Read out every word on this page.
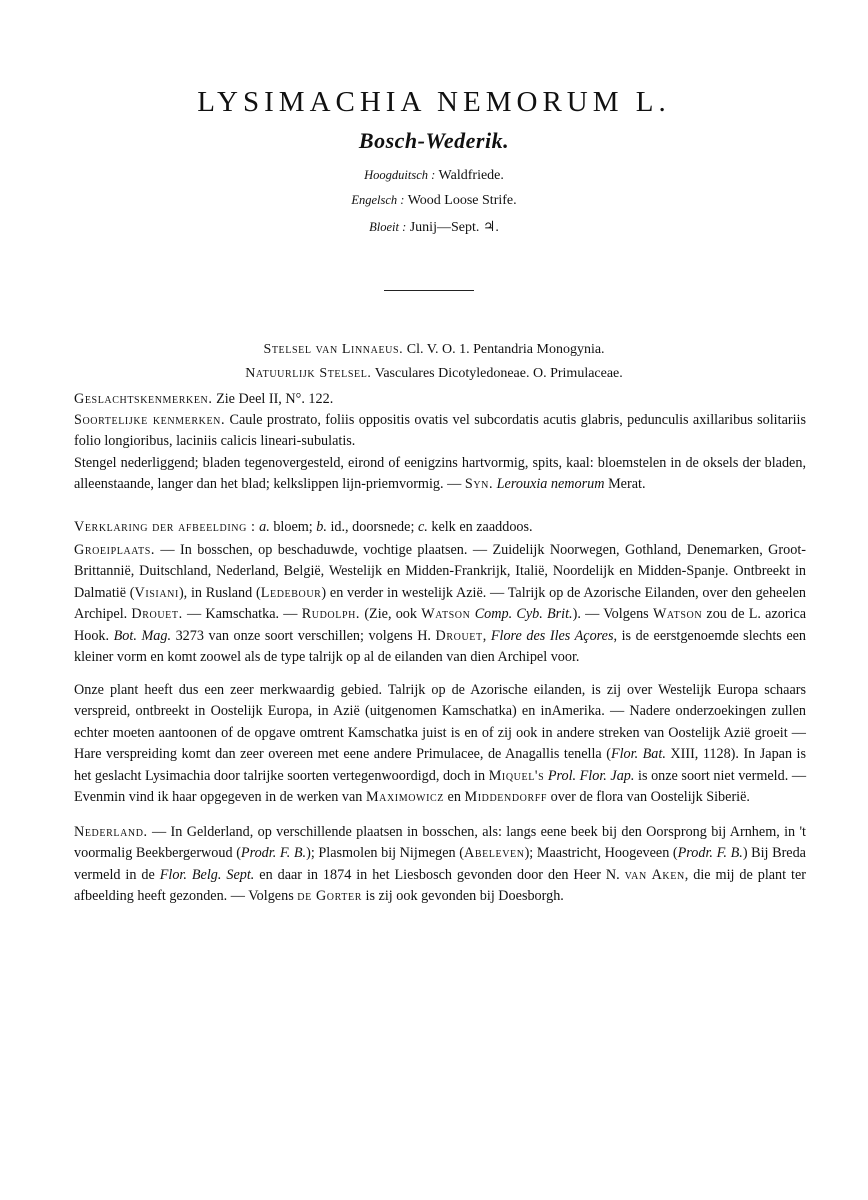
LYSIMACHIA NEMORUM L.
Bosch-Wederik.
Hoogduitsch : Waldfriede.
Engelsch : Wood Loose Strife.
Bloeit : Junij—Sept. ♃.
Stelsel van Linnaeus. Cl. V. O. 1. Pentandria Monogynia.
Natuurlijk Stelsel. Vasculares Dicotyledoneae. O. Primulaceae.

Geslachtskenmerken. Zie Deel II, N°. 122.

Soortelijke kenmerken. Caule prostrato, foliis oppositis ovatis vel subcordatis acutis glabris, pedunculis axillaribus solitariis folio longioribus, laciniis calicis lineari-subulatis.

Stengel nederliggend; bladen tegenovergesteld, eirond of eenigzins hartvormig, spits, kaal: bloemstelen in de oksels der bladen, alleenstaande, langer dan het blad; kelkslippen lijn-priemvormig. — Syn. Lerouxia nemorum Merat.

Verklaring der afbeelding : a. bloem; b. id., doorsnede; c. kelk en zaaddoos.

Groeiplaats. — In bosschen, op beschaduwde, vochtige plaatsen. — Zuidelijk Noorwegen, Gothland, Denemarken, Groot-Brittannië, Duitschland, Nederland, België, Westelijk en Midden-Frankrijk, Italië, Noordelijk en Midden-Spanje. Ontbreekt in Dalmatië (Visiani), in Rusland (Ledebour) en verder in westelijk Azië. — Talrijk op de Azorische Eilanden, over den geheelen Archipel. Drouet. — Kamschatka. — Rudolph. (Zie, ook Watson Comp. Cyb. Brit.). — Volgens Watson zou de L. azorica Hook. Bot. Mag. 3273 van onze soort verschillen; volgens H. Drouet, Flore des Iles Açores, is de eerstgenoemde slechts een kleiner vorm en komt zoowel als de type talrijk op al de eilanden van dien Archipel voor.

Onze plant heeft dus een zeer merkwaardig gebied. Talrijk op de Azorische eilanden, is zij over Westelijk Europa schaars verspreid, ontbreekt in Oostelijk Europa, in Azië (uitgenomen Kamschatka) en inAmerika. — Nadere onderzoekingen zullen echter moeten aantoonen of de opgave omtrent Kamschatka juist is en of zij ook in andere streken van Oostelijk Azië groeit — Hare verspreiding komt dan zeer overeen met eene andere Primulacee, de Anagallis tenella (Flor. Bat. XIII, 1128). In Japan is het geslacht Lysimachia door talrijke soorten vertegenwoordigd, doch in Miquel's Prol. Flor. Jap. is onze soort niet vermeld. — Evenmin vind ik haar opgegeven in de werken van Maximowicz en Middendorff over de flora van Oostelijk Siberië.

Nederland. — In Gelderland, op verschillende plaatsen in bosschen, als: langs eene beek bij den Oorsprong bij Arnhem, in 't voormalig Beekbergerwoud (Prodr. F. B.); Plasmolen bij Nijmegen (Abeleven); Maastricht, Hoogeveen (Prodr. F. B.) Bij Breda vermeld in de Flor. Belg. Sept. en daar in 1874 in het Liesbosch gevonden door den Heer N. van Aken, die mij de plant ter afbeelding heeft gezonden. — Volgens de Gorter is zij ook gevonden bij Doesborgh.
